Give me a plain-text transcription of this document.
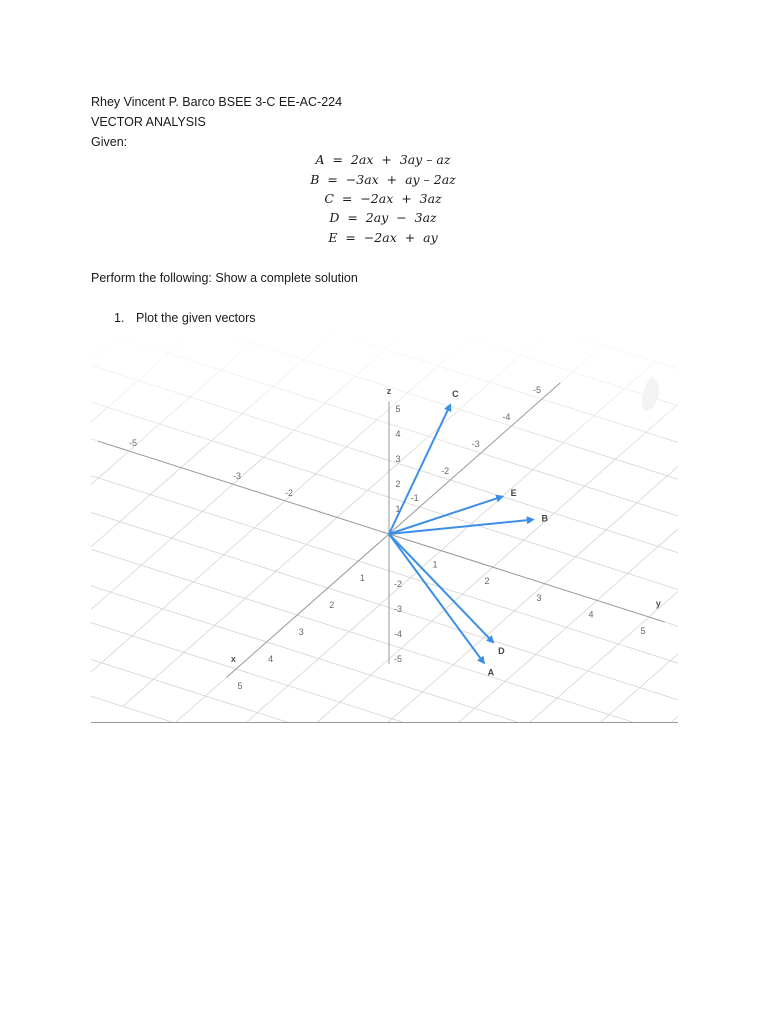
Rhey Vincent P. Barco BSEE 3-C EE-AC-224
VECTOR ANALYSIS
Given:
A  =  2ax  +  3ay – az
B  =  −3ax  +  ay – 2az
C  =  −2ax  +  3az
D  =  2ay  −  3az
E  =  −2ax  +  ay
Perform the following: Show a complete solution
1. Plot the given vectors
x
y
z
1
2
3
4
5
-1
-2
-3
-4
-5
1
2
3
4
5
-2
-3
-5
1
3
4
5
2
-2
-3
-4
-5
A
B
C
D
E
